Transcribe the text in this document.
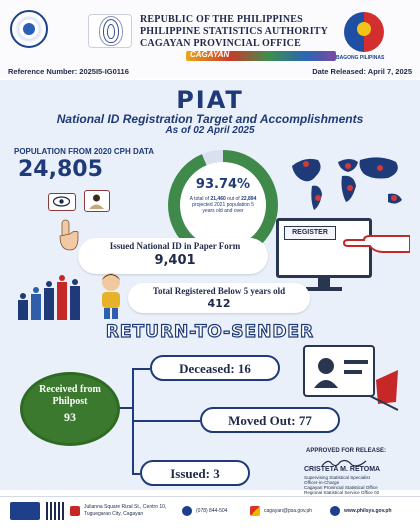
REPUBLIC OF THE PHILIPPINES
PHILIPPINE STATISTICS AUTHORITY
CAGAYAN PROVINCIAL OFFICE
CAGAYAN	BAGONG PILIPINAS
Reference Number: 2025I5-IG0116	Date Released: April 7, 2025
PIAT
National ID Registration Target and Accomplishments
As of 02 April 2025
POPULATION FROM 2020 CPH DATA
24,805
93.74%
A total of 21,460 out of 22,894 projected 2021 population 5 years old and over
Issued National ID in Paper Form
9,401
REGISTER
Total Registered Below 5 years old
412
RETURN-TO-SENDER
Received from Philpost
93
Deceased: 16
Moved Out: 77
Issued: 3
APPROVED FOR RELEASE:
CRISTETA M. RETOMA
Supervising Statistical Specialist
Officer-in-Charge
Cagayan Provincial Statistical Office
Regional Statistical Service Office 02
Julianna Square Rizal St., Centro 10,
Tuguegarao City, Cagayan	(078) 844-504	cagayan@psa.gov.ph	www.philsys.gov.ph
